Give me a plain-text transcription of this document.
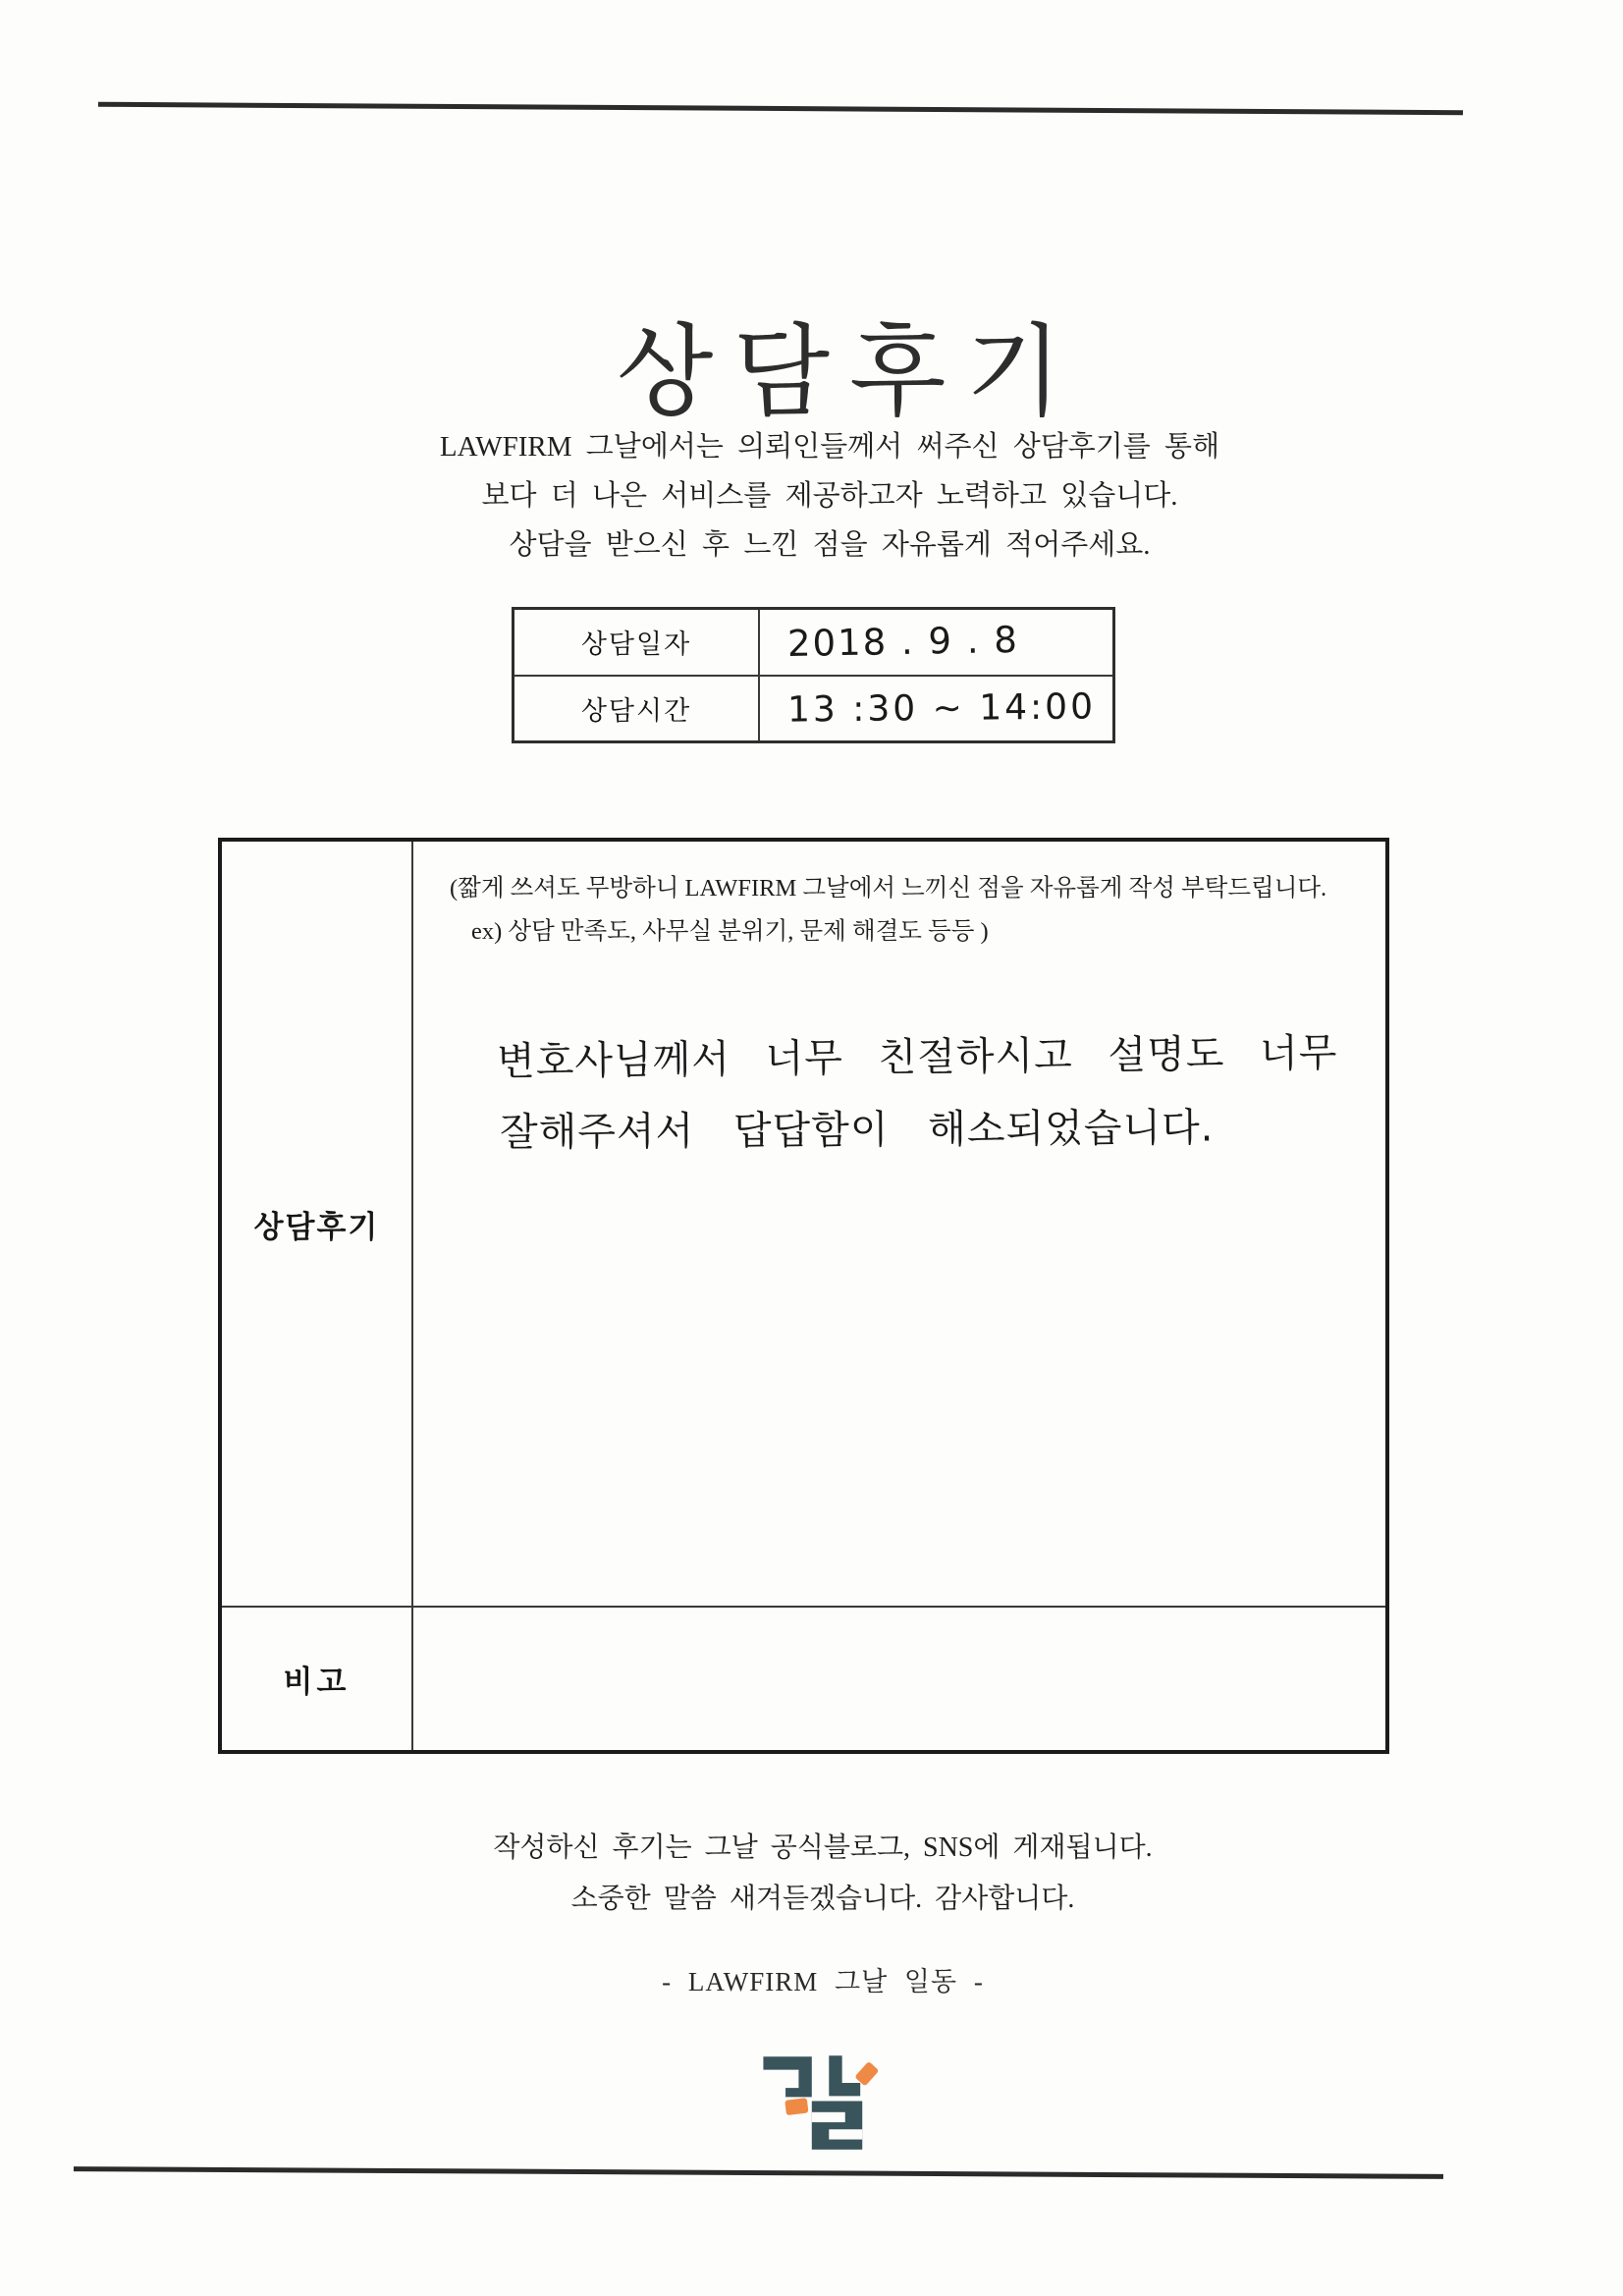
상담후기
LAWFIRM 그날에서는 의뢰인들께서 써주신 상담후기를 통해
보다 더 나은 서비스를 제공하고자 노력하고 있습니다.
상담을 받으신 후 느낀 점을 자유롭게 적어주세요.
상담일자	2018 . 9 . 8
상담시간	13 :30 ~ 14:00
상담후기
(짧게 쓰셔도 무방하니 LAWFIRM 그날에서 느끼신 점을 자유롭게 작성 부탁드립니다.
ex) 상담 만족도, 사무실 분위기, 문제 해결도 등등 )
변호사님께서 너무 친절하시고 설명도 너무
잘해주셔서 답답함이 해소되었습니다.
비고
작성하신 후기는 그날 공식블로그, SNS에 게재됩니다.
소중한 말씀 새겨듣겠습니다. 감사합니다.
- LAWFIRM 그날 일동 -
